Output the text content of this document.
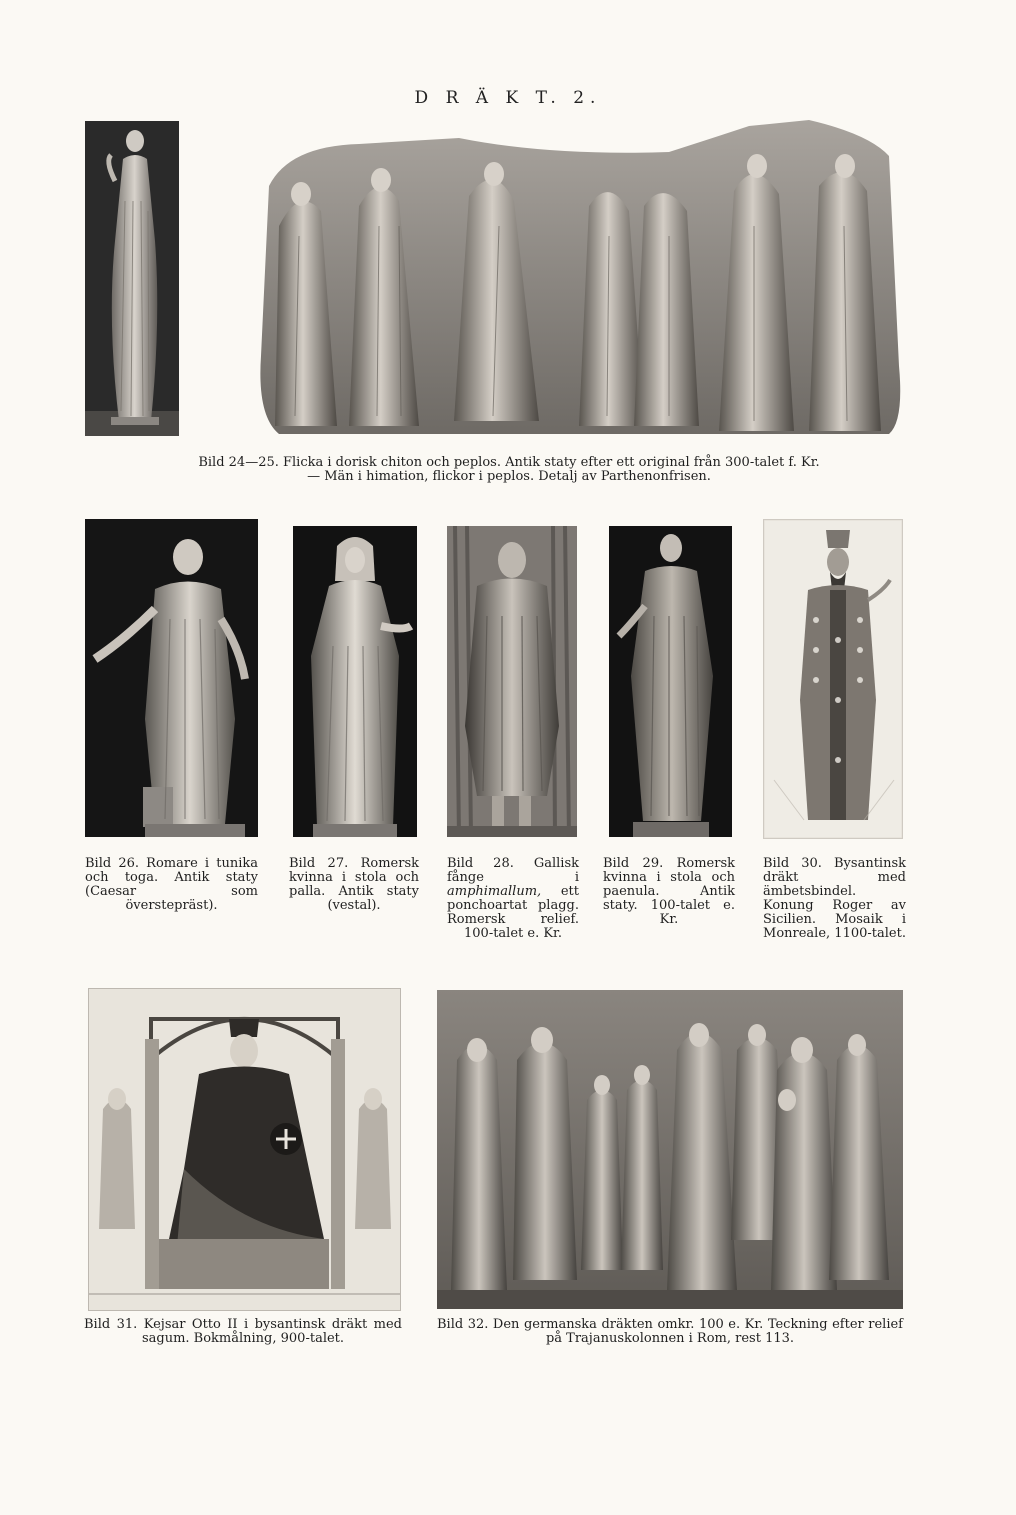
D R Ä K T. 2.
Bild 24—25. Flicka i dorisk chiton och peplos. Antik staty efter ett original från 300-talet f. Kr.
— Män i himation, flickor i peplos. Detalj av Parthenonfrisen.
Bild 26. Romare i tunika och toga. Antik staty (Caesar som överstepräst).
Bild 27. Romersk kvinna i stola och palla. Antik staty (vestal).
Bild 28. Gallisk fånge i amphimallum, ett ponchoartat plagg. Romersk relief. 100-talet e. Kr.
Bild 29. Romersk kvinna i stola och paenula. Antik staty. 100-talet e. Kr.
Bild 30. Bysantinsk dräkt med ämbetsbindel. Konung Roger av Sicilien. Mosaik i Monreale, 1100-talet.
Bild 31. Kejsar Otto II i bysantinsk dräkt med sagum. Bokmålning, 900-talet.
Bild 32. Den germanska dräkten omkr. 100 e. Kr. Teckning efter relief på Trajanuskolonnen i Rom, rest 113.
